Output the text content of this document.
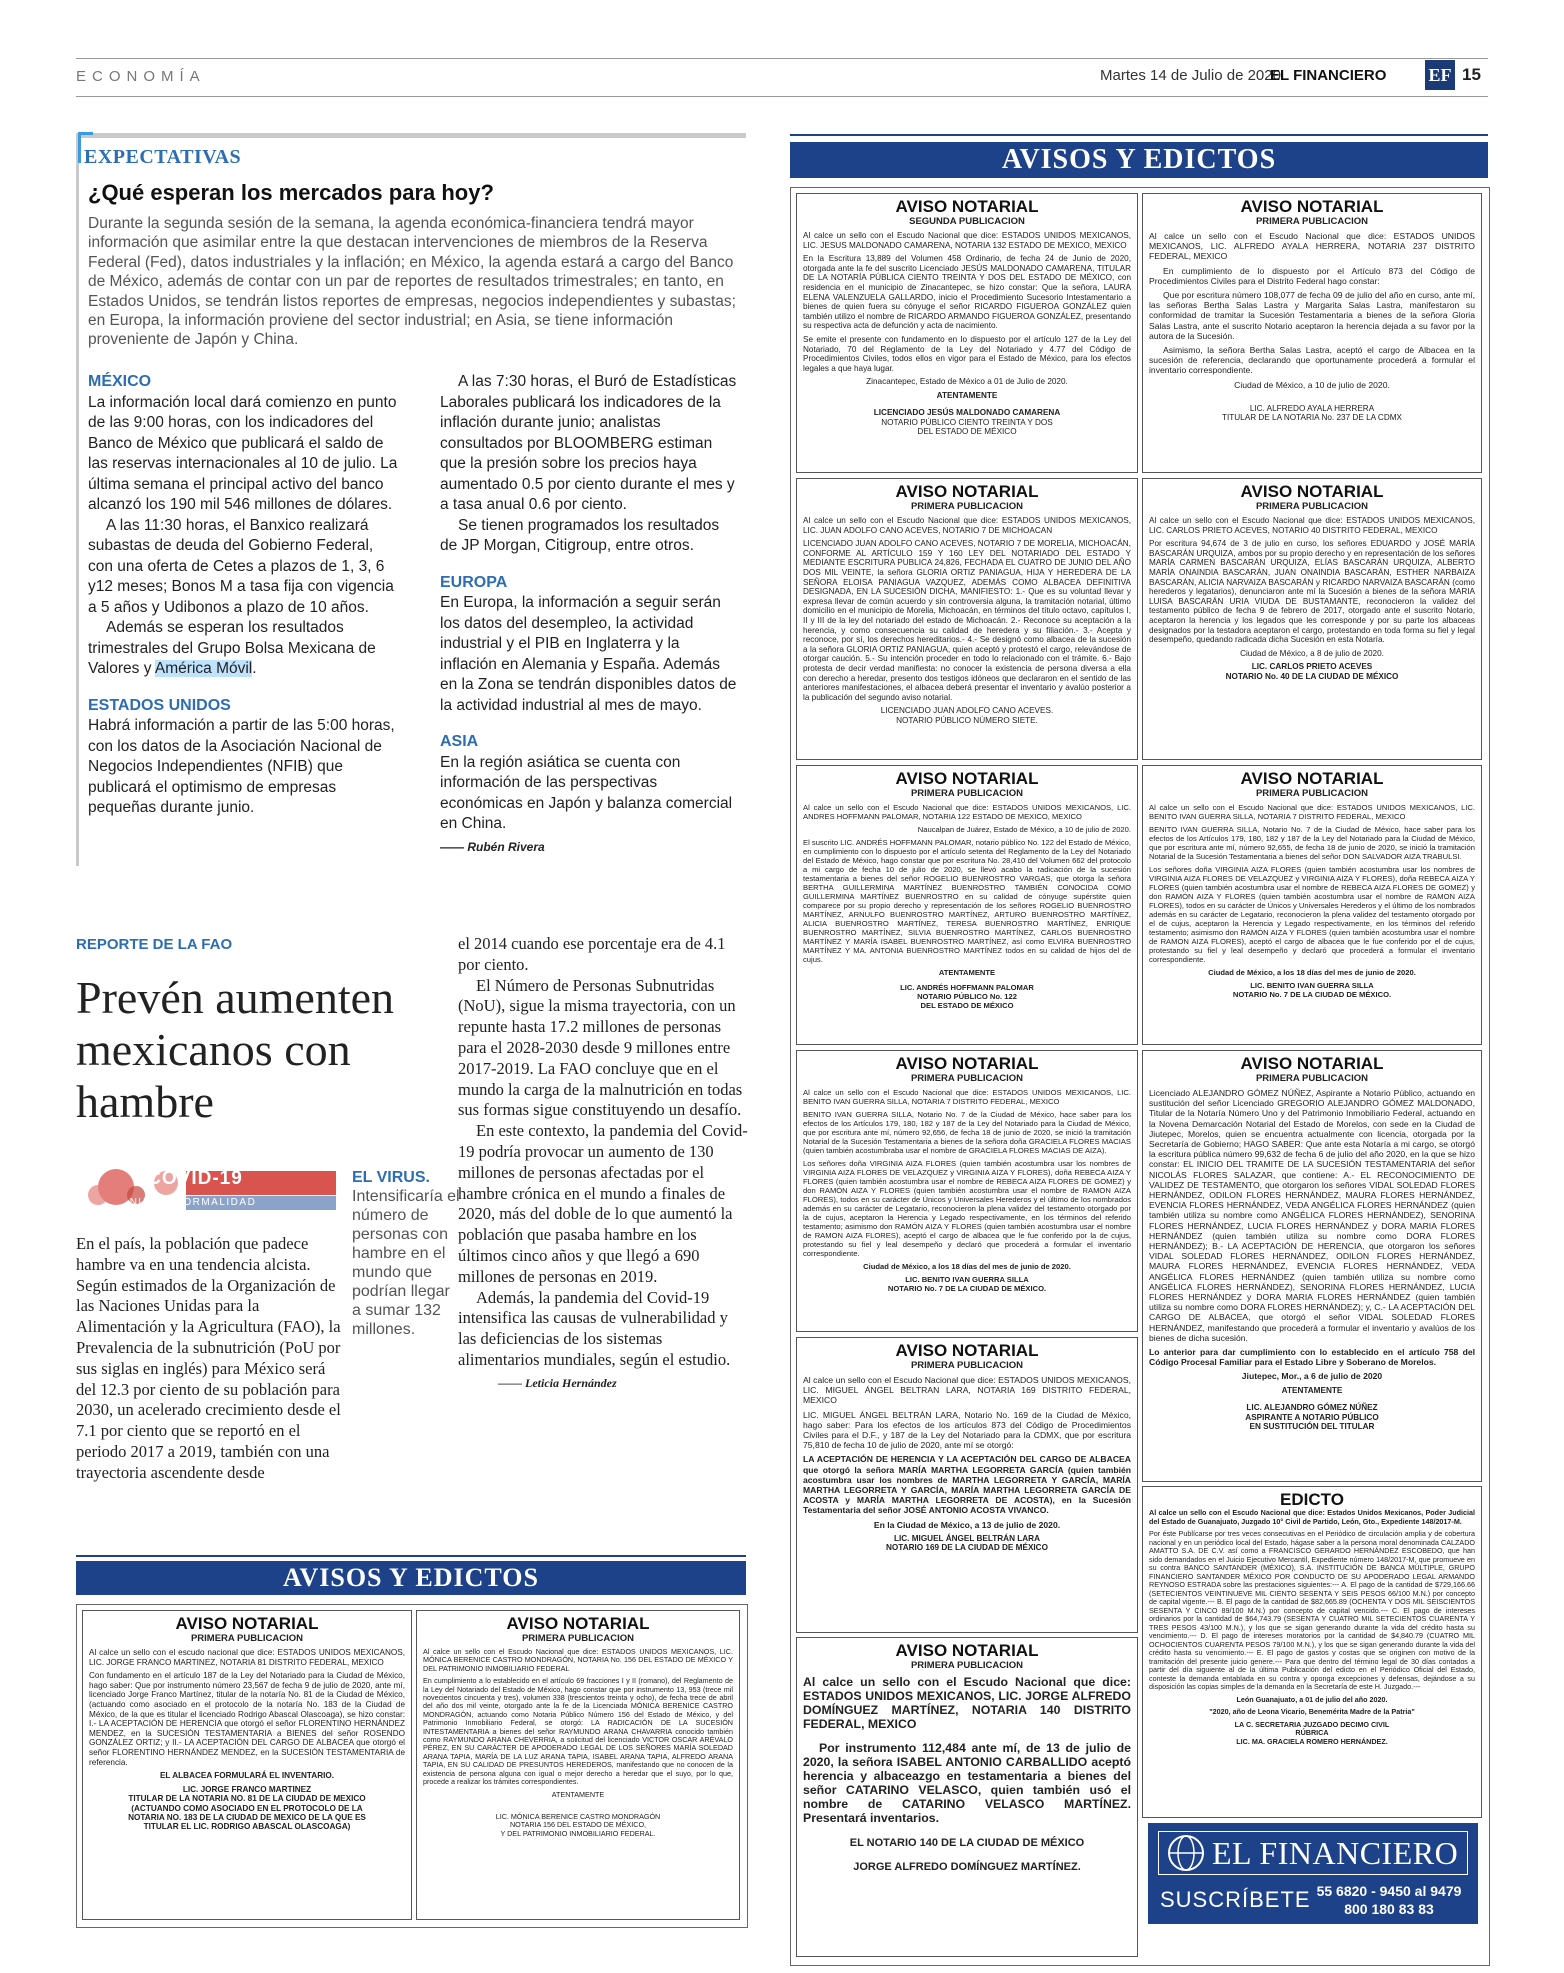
ECONOMÍA	Martes 14 de Julio de 2020
EL FINANCIERO EF 15
EXPECTATIVAS
¿Qué esperan los mercados para hoy?
Durante la segunda sesión de la semana, la agenda económica-financiera tendrá mayor información que asimilar entre la que destacan intervenciones de miembros de la Reserva Federal (Fed), datos industriales y la inflación; en México, la agenda estará a cargo del Banco de México, además de contar con un par de reportes de resultados trimestrales; en tanto, en Estados Unidos, se tendrán listos reportes de empresas, negocios independientes y subastas; en Europa, la información proviene del sector industrial; en Asia, se tiene información proveniente de Japón y China.
MÉXICO

La información local dará comienzo en punto de las 9:00 horas, con los indicadores del Banco de México que publicará el saldo de las reservas internacionales al 10 de julio. La última semana el principal activo del banco alcanzó los 190 mil 546 millones de dólares.

A las 11:30 horas, el Banxico realizará subastas de deuda del Gobierno Federal, con una oferta de Cetes a plazos de 1, 3, 6 y12 meses; Bonos M a tasa fija con vigencia a 5 años y Udibonos a plazo de 10 años.

Además se esperan los resultados trimestrales del Grupo Bolsa Mexicana de Valores y América Móvil.

ESTADOS UNIDOS

Habrá información a partir de las 5:00 horas, con los datos de la Asociación Nacional de Negocios Independientes (NFIB) que publicará el optimismo de empresas pequeñas durante junio.

A las 7:30 horas, el Buró de Estadísticas Laborales publicará los indicadores de la inflación durante junio; analistas consultados por BLOOMBERG estiman que la presión sobre los precios haya aumentado 0.5 por ciento durante el mes y a tasa anual 0.6 por ciento.

Se tienen programados los resultados de JP Morgan, Citigroup, entre otros.

EUROPA

En Europa, la información a seguir serán los datos del desempleo, la actividad industrial y el PIB en Inglaterra y la inflación en Alemania y España. Además en la Zona se tendrán disponibles datos de la actividad industrial al mes de mayo.

ASIA

En la región asiática se cuenta con información de las perspectivas económicas en Japón y balanza comercial en China.

—— Rubén Rivera
REPORTE DE LA FAO
Prevén aumenten mexicanos con hambre
COVID-19
NUEVA NORMALIDAD
EL VIRUS.
Intensificaría el número de personas con hambre en el mundo que podrían llegar a sumar 132 millones.
En el país, la población que padece hambre va en una tendencia alcista. Según estimados de la Organización de las Naciones Unidas para la Alimentación y la Agricultura (FAO), la Prevalencia de la subnutrición (PoU por sus siglas en inglés) para México será del 12.3 por ciento de su población para 2030, un acelerado crecimiento desde el 7.1 por ciento que se reportó en el periodo 2017 a 2019, también con una trayectoria ascendente desde

el 2014 cuando ese porcentaje era de 4.1 por ciento.

El Número de Personas Subnutridas (NoU), sigue la misma trayectoria, con un repunte hasta 17.2 millones de personas para el 2028-2030 desde 9 millones entre 2017-2019. La FAO concluye que en el mundo la carga de la malnutrición en todas sus formas sigue constituyendo un desafío.

En este contexto, la pandemia del Covid-19 podría provocar un aumento de 130 millones de personas afectadas por el hambre crónica en el mundo a finales de 2020, más del doble de lo que aumentó la población que pasaba hambre en los últimos cinco años y que llegó a 690 millones de personas en 2019.

Además, la pandemia del Covid-19 intensifica las causas de vulnerabilidad y las deficiencias de los sistemas alimentarios mundiales, según el estudio.

—— Leticia Hernández
AVISOS Y EDICTOS
AVISOS Y EDICTOS
AVISO NOTARIAL
SEGUNDA PUBLICACION

Al calce un sello con el Escudo Nacional que dice: ESTADOS UNIDOS MEXICANOS, LIC. JESUS MALDONADO CAMARENA, NOTARIA 132 ESTADO DE MEXICO, MEXICO

En la Escritura 13,889 del Volumen 458 Ordinario, de fecha 24 de Junio de 2020, otorgada ante la fe del suscrito Licenciado JESÚS MALDONADO CAMARENA, TITULAR DE LA NOTARÍA PÚBLICA CIENTO TREINTA Y DOS DEL ESTADO DE MÉXICO, con residencia en el municipio de Zinacantepec, se hizo constar: Que la señora, LAURA ELENA VALENZUELA GALLARDO, inicio el Procedimiento Sucesorio Intestamentario a bienes de quien fuera su cónyuge el señor RICARDO FIGUEROA GONZÁLEZ quien también utilizo el nombre de RICARDO ARMANDO FIGUEROA GONZÁLEZ, presentando su respectiva acta de defunción y acta de nacimiento.

Se emite el presente con fundamento en lo dispuesto por el artículo 127 de la Ley del Notariado, 70 del Reglamento de la Ley del Notariado y 4.77 del Código de Procedimientos Civiles, todos ellos en vigor para el Estado de México, para los efectos legales a que haya lugar.

Zinacantepec, Estado de México a 01 de Julio de 2020.

ATENTAMENTE
LICENCIADO JESÚS MALDONADO CAMARENA
NOTARIO PÚBLICO CIENTO TREINTA Y DOS
DEL ESTADO DE MÉXICO
AVISO NOTARIAL
PRIMERA PUBLICACION

Al calce un sello con el Escudo Nacional que dice: ESTADOS UNIDOS MEXICANOS, LIC. ALFREDO AYALA HERRERA, NOTARIA 237 DISTRITO FEDERAL, MEXICO

En cumplimiento de lo dispuesto por el Artículo 873 del Código de Procedimientos Civiles para el Distrito Federal hago constar:

Que por escritura número 108,077 de fecha 09 de julio del año en curso, ante mí, las señoras Bertha Salas Lastra y Margarita Salas Lastra, manifestaron su conformidad de tramitar la Sucesión Testamentaria a bienes de la señora Gloria Salas Lastra, ante el suscrito Notario aceptaron la herencia dejada a su favor por la autora de la Sucesión.

Asimismo, la señora Bertha Salas Lastra, aceptó el cargo de Albacea en la sucesión de referencia, declarando que oportunamente procederá a formular el inventario correspondiente.

Ciudad de México, a 10 de julio de 2020.

LIC. ALFREDO AYALA HERRERA
TITULAR DE LA NOTARIA No. 237 DE LA CDMX
AVISO NOTARIAL
PRIMERA PUBLICACION

Al calce un sello con el Escudo Nacional que dice: ESTADOS UNIDOS MEXICANOS, LIC. JUAN ADOLFO CANO ACEVES, NOTARIO 7 DE MICHOACAN

LICENCIADO JUAN ADOLFO CANO ACEVES, NOTARIO 7 DE MORELIA, MICHOACÁN, CONFORME AL ARTÍCULO 159 Y 160 LEY DEL NOTARIADO DEL ESTADO Y MEDIANTE ESCRITURA PUBLICA 24,826, FECHADA EL CUATRO DE JUNIO DEL AÑO DOS MIL VEINTE, la señora GLORIA ORTIZ PANIAGUA, HIJA Y HEREDERA DE LA SEÑORA ELOISA PANIAGUA VAZQUEZ, ADEMÁS COMO ALBACEA DEFINITIVA DESIGNADA, EN LA SUCESIÓN DICHA, MANIFIESTO: 1.- Que es su voluntad llevar y expresa llevar de común acuerdo y sin controversia alguna, la tramitación notarial, último domicilio en el municipio de Morelia, Michoacán, en términos del título octavo, capítulos I, II y III de la ley del notariado del estado de Michoacán. 2.- Reconoce su aceptación a la herencia, y como consecuencia su calidad de heredera y su filiación.- 3.- Acepta y reconoce, por sí, los derechos hereditarios.- 4.- Se designó como albacea de la sucesión a la señora GLORIA ORTIZ PANIAGUA, quien aceptó y protestó el cargo, relevándose de otorgar caución. 5.- Su intención proceder en todo lo relacionado con el trámite. 6.- Bajo protesta de decir verdad manifiesta: no conocer la existencia de persona diversa a ella con derecho a heredar, presento dos testigos idóneos que declararon en el sentido de las anteriores manifestaciones, el albacea deberá presentar el inventario y avalúo posterior a la publicación del segundo aviso notarial.

LICENCIADO JUAN ADOLFO CANO ACEVES.
NOTARIO PÚBLICO NÚMERO SIETE.
AVISO NOTARIAL
PRIMERA PUBLICACION

Al calce un sello con el Escudo Nacional que dice: ESTADOS UNIDOS MEXICANOS, LIC. CARLOS PRIETO ACEVES, NOTARIO 40 DISTRITO FEDERAL, MEXICO

Por escritura 94,674 de 3 de julio en curso, los señores EDUARDO y JOSÉ MARÍA BASCARÁN URQUIZA, ambos por su propio derecho y en representación de los señores MARÍA CARMEN BASCARÁN URQUIZA, ELÍAS BASCARÁN URQUIZA, ALBERTO MARÍA ONAINDIA BASCARÁN, JUAN ONAINDIA BASCARÁN, ESTHER NARBAIZA BASCARÁN, ALICIA NARVAIZA BASCARÁN y RICARDO NARVAIZA BASCARÁN (como herederos y legatarios), denunciaron ante mí la Sucesión a bienes de la señora MARIA LUISA BASCARÁN URIA VIUDA DE BUSTAMANTE, reconocieron la validez del testamento público de fecha 9 de febrero de 2017, otorgado ante el suscrito Notario, aceptaron la herencia y los legados que les corresponde y por su parte los albaceas designados por la testadora aceptaron el cargo, protestando en toda forma su fiel y legal desempeño, quedando radicada dicha Sucesión en esta Notaría.

Ciudad de México, a 8 de julio de 2020.

LIC. CARLOS PRIETO ACEVES
NOTARIO No. 40 DE LA CIUDAD DE MÉXICO
AVISO NOTARIAL
PRIMERA PUBLICACION

Al calce un sello con el Escudo Nacional que dice: ESTADOS UNIDOS MEXICANOS, LIC. ANDRES HOFFMANN PALOMAR, NOTARIA 122 ESTADO DE MEXICO, MEXICO

Naucalpan de Juárez, Estado de México, a 10 de julio de 2020.

El suscrito LIC. ANDRÉS HOFFMANN PALOMAR, notario público No. 122 del Estado de México, en cumplimiento con lo dispuesto por el artículo setenta del Reglamento de la Ley del Notariado del Estado de México, hago constar que por escritura No. 28,410 del Volumen 662 del protocolo a mi cargo de fecha 10 de julio de 2020, se llevó acabo la radicación de la sucesión testamentaria a bienes del señor ROGELIO BUENROSTRO VARGAS, que otorga la señora BERTHA GUILLERMINA MARTÍNEZ BUENROSTRO TAMBIÉN CONOCIDA COMO GUILLERMINA MARTÍNEZ BUENROSTRO en su calidad de cónyuge supérstite quien comparece por su propio derecho y representación de los señores ROGELIO BUENROSTRO MARTÍNEZ, ARNULFO BUENROSTRO MARTÍNEZ, ARTURO BUENROSTRO MARTÍNEZ, ALICIA BUENROSTRO MARTÍNEZ, TERESA BUENROSTRO MARTÍNEZ, ENRIQUE BUENROSTRO MARTÍNEZ, SILVIA BUENROSTRO MARTÍNEZ, CARLOS BUENROSTRO MARTÍNEZ Y MARÍA ISABEL BUENROSTRO MARTÍNEZ, así como ELVIRA BUENROSTRO MARTÍNEZ Y MA. ANTONIA BUENROSTRO MARTÍNEZ todos en su calidad de hijos del de cujus.

ATENTAMENTE
LIC. ANDRÉS HOFFMANN PALOMAR
NOTARIO PÚBLICO No. 122
DEL ESTADO DE MÉXICO
AVISO NOTARIAL
PRIMERA PUBLICACION

Al calce un sello con el Escudo Nacional que dice: ESTADOS UNIDOS MEXICANOS, LIC. BENITO IVAN GUERRA SILLA, NOTARIA 7 DISTRITO FEDERAL, MEXICO

BENITO IVAN GUERRA SILLA, Notario No. 7 de la Ciudad de México, hace saber para los efectos de los Artículos 179, 180, 182 y 187 de la Ley del Notariado para la Ciudad de México, que por escritura ante mí, número 92,655, de fecha 18 de junio de 2020, se inició la tramitación Notarial de la Sucesión Testamentaria a bienes del señor DON SALVADOR AIZA TRABULSI.

Los señores doña VIRGINIA AIZA FLORES (quien también acostumbra usar los nombres de VIRGINIA AIZA FLORES DE VELAZQUEZ y VIRGINIA AIZA Y FLORES), doña REBECA AIZA Y FLORES (quien también acostumbra usar el nombre de REBECA AIZA FLORES DE GOMEZ) y don RAMÓN AIZA Y FLORES (quien también acostumbra usar el nombre de RAMON AIZA FLORES), todos en su carácter de Únicos y Universales Herederos y el último de los nombrados además en su carácter de Legatario, reconocieron la plena validez del testamento otorgado por el de cujus, aceptaron la Herencia y Legado respectivamente, en los términos del referido testamento; asimismo don RAMÓN AIZA Y FLORES (quien también acostumbra usar el nombre de RAMON AIZA FLORES), aceptó el cargo de albacea que le fue conferido por el de cujus, protestando su fiel y leal desempeño y declaró que procederá a formular el inventario correspondiente.

Ciudad de México, a los 18 días del mes de junio de 2020.

LIC. BENITO IVAN GUERRA SILLA
NOTARIO No. 7 DE LA CIUDAD DE MÉXICO.
AVISO NOTARIAL
PRIMERA PUBLICACION

Al calce un sello con el Escudo Nacional que dice: ESTADOS UNIDOS MEXICANOS, LIC. BENITO IVAN GUERRA SILLA, NOTARIA 7 DISTRITO FEDERAL, MEXICO

BENITO IVAN GUERRA SILLA, Notario No. 7 de la Ciudad de México, hace saber para los efectos de los Artículos 179, 180, 182 y 187 de la Ley del Notariado para la Ciudad de México, que por escritura ante mí, número 92,656, de fecha 18 de junio de 2020, se inició la tramitación Notarial de la Sucesión Testamentaria a bienes de la señora doña GRACIELA FLORES MACIAS (quien también acostumbraba usar el nombre de GRACIELA FLORES MACIAS DE AIZA).

Los señores doña VIRGINIA AIZA FLORES (quien también acostumbra usar los nombres de VIRGINIA AIZA FLORES DE VELAZQUEZ y VIRGINIA AIZA Y FLORES), doña REBECA AIZA Y FLORES (quien también acostumbra usar el nombre de REBECA AIZA FLORES DE GOMEZ) y don RAMÓN AIZA Y FLORES (quien también acostumbra usar el nombre de RAMON AIZA FLORES), todos en su carácter de Únicos y Universales Herederos y el último de los nombrados además en su carácter de Legatario, reconocieron la plena validez del testamento otorgado por la de cujus, aceptaron la Herencia y Legado respectivamente, en los términos del referido testamento; asimismo don RAMÓN AIZA Y FLORES (quien también acostumbra usar el nombre de RAMON AIZA FLORES), aceptó el cargo de albacea que le fue conferido por la de cujus, protestando su fiel y leal desempeño y declaró que procederá a formular el inventario correspondiente.

Ciudad de México, a los 18 días del mes de junio de 2020.

LIC. BENITO IVAN GUERRA SILLA
NOTARIO No. 7 DE LA CIUDAD DE MÉXICO.
AVISO NOTARIAL
PRIMERA PUBLICACION

Licenciado ALEJANDRO GÓMEZ NÚÑEZ, Aspirante a Notario Público, actuando en sustitución del señor Licenciado GREGORIO ALEJANDRO GÓMEZ MALDONADO, Titular de la Notaría Número Uno y del Patrimonio Inmobiliario Federal, actuando en la Novena Demarcación Notarial del Estado de Morelos, con sede en la Ciudad de Jiutepec, Morelos, quien se encuentra actualmente con licencia, otorgada por la Secretaría de Gobierno; HAGO SABER: Que ante esta Notaría a mi cargo, se otorgó la escritura pública número 99,632 de fecha 6 de julio del año 2020, en la que se hizo constar: EL INICIO DEL TRAMITE DE LA SUCESIÓN TESTAMENTARIA del señor NICOLÁS FLORES SALAZAR, que contiene: A.- EL RECONOCIMIENTO DE VALIDEZ DE TESTAMENTO, que otorgaron los señores VIDAL SOLEDAD FLORES HERNÁNDEZ, ODILON FLORES HERNÁNDEZ, MAURA FLORES HERNÁNDEZ, EVENCIA FLORES HERNÁNDEZ, VEDA ANGÉLICA FLORES HERNÁNDEZ (quien también utiliza su nombre como ANGÉLICA FLORES HERNÁNDEZ), SENORINA FLORES HERNÁNDEZ, LUCIA FLORES HERNÁNDEZ y DORA MARIA FLORES HERNÁNDEZ (quien también utiliza su nombre como DORA FLORES HERNÁNDEZ); B.- LA ACEPTACIÓN DE HERENCIA, que otorgaron los señores VIDAL SOLEDAD FLORES HERNÁNDEZ, ODILON FLORES HERNÁNDEZ, MAURA FLORES HERNÁNDEZ, EVENCIA FLORES HERNÁNDEZ, VEDA ANGÉLICA FLORES HERNÁNDEZ (quien también utiliza su nombre como ANGÉLICA FLORES HERNÁNDEZ), SENORINA FLORES HERNÁNDEZ, LUCIA FLORES HERNÁNDEZ y DORA MARIA FLORES HERNÁNDEZ (quien también utiliza su nombre como DORA FLORES HERNÁNDEZ); y, C.- LA ACEPTACIÓN DEL CARGO DE ALBACEA, que otorgó el señor VIDAL SOLEDAD FLORES HERNÁNDEZ, manifestando que procederá a formular el inventario y avalúos de los bienes de dicha sucesión.

Lo anterior para dar cumplimiento con lo establecido en el artículo 758 del Código Procesal Familiar para el Estado Libre y Soberano de Morelos.

Jiutepec, Mor., a 6 de julio de 2020

ATENTAMENTE
LIC. ALEJANDRO GÓMEZ NÚÑEZ
ASPIRANTE A NOTARIO PÚBLICO
EN SUSTITUCIÓN DEL TITULAR
AVISO NOTARIAL
PRIMERA PUBLICACION

Al calce un sello con el Escudo Nacional que dice: ESTADOS UNIDOS MEXICANOS, LIC. MIGUEL ÁNGEL BELTRAN LARA, NOTARIA 169 DISTRITO FEDERAL, MEXICO

LIC. MIGUEL ÁNGEL BELTRÁN LARA, Notario No. 169 de la Ciudad de México, hago saber: Para los efectos de los artículos 873 del Código de Procedimientos Civiles para el D.F., y 187 de la Ley del Notariado para la CDMX, que por escritura 75,810 de fecha 10 de julio de 2020, ante mí se otorgó:

LA ACEPTACIÓN DE HERENCIA Y LA ACEPTACIÓN DEL CARGO DE ALBACEA que otorgó la señora MARÍA MARTHA LEGORRETA GARCÍA (quien también acostumbra usar los nombres de MARTHA LEGORRETA Y GARCÍA, MARÍA MARTHA LEGORRETA Y GARCÍA, MARÍA MARTHA LEGORRETA GARCÍA DE ACOSTA y MARÍA MARTHA LEGORRETA DE ACOSTA), en la Sucesión Testamentaria del señor JOSÉ ANTONIO ACOSTA VIVANCO.

En la Ciudad de México, a 13 de julio de 2020.

LIC. MIGUEL ÁNGEL BELTRÁN LARA
NOTARIO 169 DE LA CIUDAD DE MÉXICO
EDICTO

Al calce un sello con el Escudo Nacional que dice: Estados Unidos Mexicanos, Poder Judicial del Estado de Guanajuato, Juzgado 10° Civil de Partido, León, Gto., Expediente 148/2017-M.

Por éste Publícarse por tres veces consecutivas en el Periódico de circulación amplia y de cobertura nacional y en un periódico local del Estado, hágase saber a la persona moral denominada CALZADO AMATTO S.A. DE C.V. así como a FRANCISCO GERARDO HERNÁNDEZ ESCOBEDO, que han sido demandados en el Juicio Ejecutivo Mercantil, Expediente número 148/2017-M, que promueve en su contra BANCO SANTANDER (MÉXICO), S.A. INSTITUCIÓN DE BANCA MÚLTIPLE, GRUPO FINANCIERO SANTANDER MÉXICO POR CONDUCTO DE SU APODERADO LEGAL ARMANDO REYNOSO ESTRADA sobre las prestaciones siguientes:--- A. El pago de la cantidad de $729,166.66 (SETECIENTOS VEINTINUEVE MIL CIENTO SESENTA Y SEIS PESOS 66/100 M.N.) por concepto de capital vigente.--- B. El pago de la cantidad de $82,665.89 (OCHENTA Y DOS MIL SEISCIENTOS SESENTA Y CINCO 89/100 M.N.) por concepto de capital vencido.--- C. El pago de intereses ordinarios por la cantidad de $64,743.79 (SESENTA Y CUATRO MIL SETECIENTOS CUARENTA Y TRES PESOS 43/100 M.N.), y los que se sigan generando durante la vida del crédito hasta su vencimiento.--- D. El pago de intereses moratorios por la cantidad de $4,840.79 (CUATRO MIL OCHOCIENTOS CUARENTA PESOS 79/100 M.N.), y los que se sigan generando durante la vida del crédito hasta su vencimiento.--- E. El pago de gastos y costas que se originen con motivo de la tramitación del presente juicio genere.--- Para que dentro del término legal de 30 días contados a partir del día siguiente al de la última Publicación del edicto en el Periódico Oficial del Estado, conteste la demanda entablada en su contra y oponga excepciones y defensas, dejándose a su disposición las copias simples de la demanda en la Secretaría de este H. Juzgado.---

León Guanajuato, a 01 de julio del año 2020.

"2020, año de Leona Vicario, Benemérita Madre de la Patria"

LA C. SECRETARIA JUZGADO DECIMO CIVIL
RÚBRICA
LIC. MA. GRACIELA ROMERO HERNÁNDEZ.
AVISO NOTARIAL
PRIMERA PUBLICACION

Al calce un sello con el Escudo Nacional que dice: ESTADOS UNIDOS MEXICANOS, LIC. JORGE ALFREDO DOMÍNGUEZ MARTÍNEZ, NOTARIA 140 DISTRITO FEDERAL, MEXICO

Por instrumento 112,484 ante mí, de 13 de julio de 2020, la señora ISABEL ANTONIO CARBALLIDO aceptó herencia y albaceazgo en testamentaria a bienes del señor CATARINO VELASCO, quien también usó el nombre de CATARINO VELASCO MARTÍNEZ. Presentará inventarios.

EL NOTARIO 140 DE LA CIUDAD DE MÉXICO
JORGE ALFREDO DOMÍNGUEZ MARTÍNEZ.
AVISO NOTARIAL
PRIMERA PUBLICACION

Al calce un sello con el escudo nacional que dice: ESTADOS UNIDOS MEXICANOS, LIC. JORGE FRANCO MARTINEZ, NOTARIA 81 DISTRITO FEDERAL, MEXICO

Con fundamento en el artículo 187 de la Ley del Notariado para la Ciudad de México, hago saber: Que por instrumento número 23,567 de fecha 9 de julio de 2020, ante mí, licenciado Jorge Franco Martínez, titular de la notaría No. 81 de la Ciudad de México, (actuando como asociado en el protocolo de la notaría No. 183 de la Ciudad de México, de la que es titular el licenciado Rodrigo Abascal Olascoaga), se hizo constar: I.- LA ACEPTACIÓN DE HERENCIA que otorgó el señor FLORENTINO HERNÁNDEZ MENDEZ, en la SUCESIÓN TESTAMENTARIA a BIENES del señor ROSENDO GONZÁLEZ ORTIZ; y II.- LA ACEPTACIÓN DEL CARGO DE ALBACEA que otorgó el señor FLORENTINO HERNÁNDEZ MENDEZ, en la SUCESIÓN TESTAMENTARIA de referencia.

EL ALBACEA FORMULARÁ EL INVENTARIO.

LIC. JORGE FRANCO MARTINEZ
TITULAR DE LA NOTARIA NO. 81 DE LA CIUDAD DE MEXICO
(ACTUANDO COMO ASOCIADO EN EL PROTOCOLO DE LA
NOTARIA NO. 183 DE LA CIUDAD DE MEXICO DE LA QUE ES
TITULAR EL LIC. RODRIGO ABASCAL OLASCOAGA)
AVISO NOTARIAL
PRIMERA PUBLICACION

Al calce un sello con el Escudo Nacional que dice: ESTADOS UNIDOS MEXICANOS, LIC. MÓNICA BERENICE CASTRO MONDRAGÓN, NOTARIA No. 156 DEL ESTADO DE MÉXICO Y DEL PATRIMONIO INMOBILIARIO FEDERAL

En cumplimiento a lo establecido en el artículo 69 fracciones I y II (romano), del Reglamento de la Ley del Notariado del Estado de México, hago constar que por instrumento 13, 953 (trece mil novecientos cincuenta y tres), volumen 338 (trescientos treinta y ocho), de fecha trece de abril del año dos mil veinte, otorgado ante la fe de la Licenciada MÓNICA BERENICE CASTRO MONDRAGÓN, actuando como Notaria Público Número 156 del Estado de México, y del Patrimonio Inmobiliario Federal, se otorgó: LA RADICACIÓN DE LA SUCESIÓN INTESTAMENTARIA a bienes del señor RAYMUNDO ARANA CHAVARRIA conocido también como RAYMUNDO ARANA CHEVERRIA, a solicitud del licenciado VICTOR OSCAR ARÉVALO PÉREZ, EN SU CARÁCTER DE APODERADO LEGAL DE LOS SEÑORES MARÍA SOLEDAD ARANA TAPIA, MARÍA DE LA LUZ ARANA TAPIA, ISABEL ARANA TAPIA, ALFREDO ARANA TAPIA, EN SU CALIDAD DE PRESUNTOS HEREDEROS, manifestando que no conocen de la existencia de persona alguna con igual o mejor derecho a heredar que el suyo, por lo que, procede a realizar los trámites correspondientes.

ATENTAMENTE

LIC. MÓNICA BERENICE CASTRO MONDRAGÓN
NOTARIA 156 DEL ESTADO DE MÉXICO,
Y DEL PATRIMONIO INMOBILIARIO FEDERAL.
EL FINANCIERO
SUSCRÍBETE 55 6820 - 9450 al 9479
800 180 83 83
